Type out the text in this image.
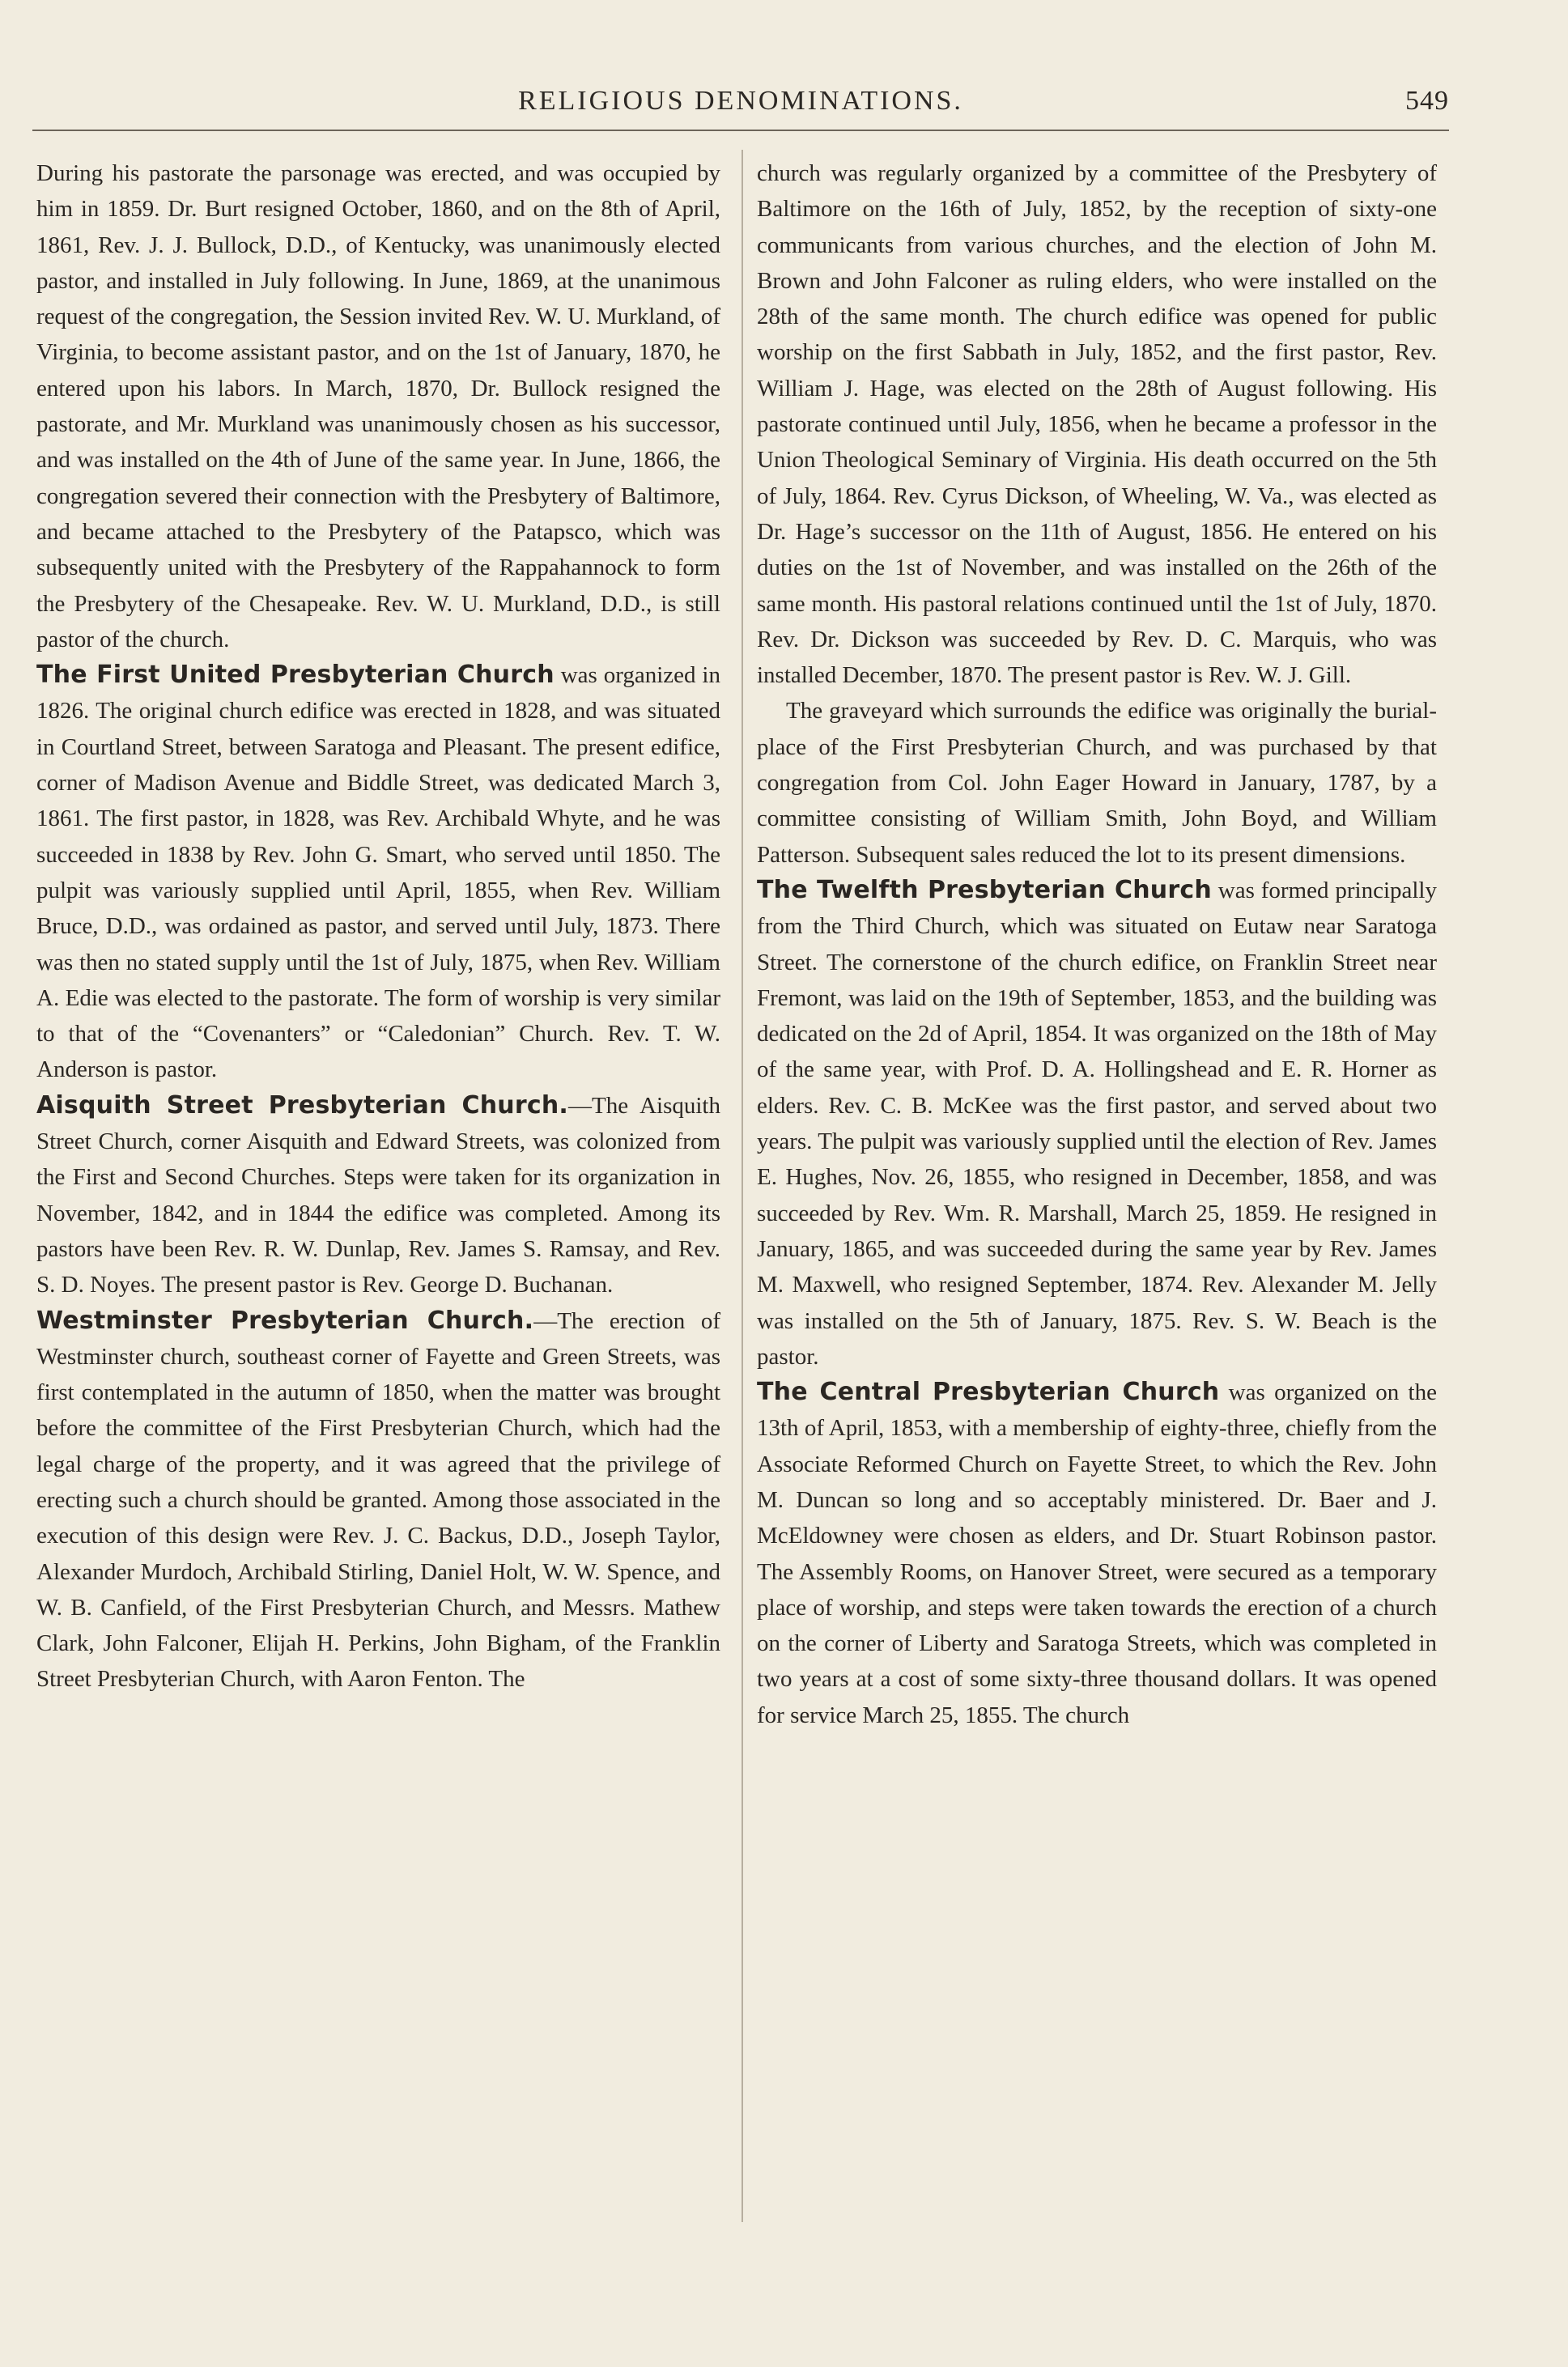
RELIGIOUS DENOMINATIONS.	549

During his pastorate the parsonage was erected, and was occupied by him in 1859. Dr. Burt resigned October, 1860, and on the 8th of April, 1861, Rev. J. J. Bullock, D.D., of Kentucky, was unanimously elected pastor, and installed in July following. In June, 1869, at the unanimous request of the congregation, the Session invited Rev. W. U. Murkland, of Virginia, to become assistant pastor, and on the 1st of January, 1870, he entered upon his labors. In March, 1870, Dr. Bullock resigned the pastorate, and Mr. Murkland was unanimously chosen as his successor, and was installed on the 4th of June of the same year. In June, 1866, the congregation severed their connection with the Presbytery of Baltimore, and became attached to the Presbytery of the Patapsco, which was subsequently united with the Presbytery of the Rappahannock to form the Presbytery of the Chesapeake. Rev. W. U. Murkland, D.D., is still pastor of the church.

The First United Presbyterian Church was organized in 1826. The original church edifice was erected in 1828, and was situated in Courtland Street, between Saratoga and Pleasant. The present edifice, corner of Madison Avenue and Biddle Street, was dedicated March 3, 1861. The first pastor, in 1828, was Rev. Archibald Whyte, and he was succeeded in 1838 by Rev. John G. Smart, who served until 1850. The pulpit was variously supplied until April, 1855, when Rev. William Bruce, D.D., was ordained as pastor, and served until July, 1873. There was then no stated supply until the 1st of July, 1875, when Rev. William A. Edie was elected to the pastorate. The form of worship is very similar to that of the “Covenanters” or “Caledonian” Church. Rev. T. W. Anderson is pastor.

Aisquith Street Presbyterian Church.—The Aisquith Street Church, corner Aisquith and Edward Streets, was colonized from the First and Second Churches. Steps were taken for its organization in November, 1842, and in 1844 the edifice was completed. Among its pastors have been Rev. R. W. Dunlap, Rev. James S. Ramsay, and Rev. S. D. Noyes. The present pastor is Rev. George D. Buchanan.

Westminster Presbyterian Church.—The erection of Westminster church, southeast corner of Fayette and Green Streets, was first contemplated in the autumn of 1850, when the matter was brought before the committee of the First Presbyterian Church, which had the legal charge of the property, and it was agreed that the privilege of erecting such a church should be granted. Among those associated in the execution of this design were Rev. J. C. Backus, D.D., Joseph Taylor, Alexander Murdoch, Archibald Stirling, Daniel Holt, W. W. Spence, and W. B. Canfield, of the First Presbyterian Church, and Messrs. Mathew Clark, John Falconer, Elijah H. Perkins, John Bigham, of the Franklin Street Presbyterian Church, with Aaron Fenton. The

church was regularly organized by a committee of the Presbytery of Baltimore on the 16th of July, 1852, by the reception of sixty-one communicants from various churches, and the election of John M. Brown and John Falconer as ruling elders, who were installed on the 28th of the same month. The church edifice was opened for public worship on the first Sabbath in July, 1852, and the first pastor, Rev. William J. Hage, was elected on the 28th of August following. His pastorate continued until July, 1856, when he became a professor in the Union Theological Seminary of Virginia. His death occurred on the 5th of July, 1864. Rev. Cyrus Dickson, of Wheeling, W. Va., was elected as Dr. Hage’s successor on the 11th of August, 1856. He entered on his duties on the 1st of November, and was installed on the 26th of the same month. His pastoral relations continued until the 1st of July, 1870. Rev. Dr. Dickson was succeeded by Rev. D. C. Marquis, who was installed December, 1870. The present pastor is Rev. W. J. Gill.

The graveyard which surrounds the edifice was originally the burial-place of the First Presbyterian Church, and was purchased by that congregation from Col. John Eager Howard in January, 1787, by a committee consisting of William Smith, John Boyd, and William Patterson. Subsequent sales reduced the lot to its present dimensions.

The Twelfth Presbyterian Church was formed principally from the Third Church, which was situated on Eutaw near Saratoga Street. The cornerstone of the church edifice, on Franklin Street near Fremont, was laid on the 19th of September, 1853, and the building was dedicated on the 2d of April, 1854. It was organized on the 18th of May of the same year, with Prof. D. A. Hollingshead and E. R. Horner as elders. Rev. C. B. McKee was the first pastor, and served about two years. The pulpit was variously supplied until the election of Rev. James E. Hughes, Nov. 26, 1855, who resigned in December, 1858, and was succeeded by Rev. Wm. R. Marshall, March 25, 1859. He resigned in January, 1865, and was succeeded during the same year by Rev. James M. Maxwell, who resigned September, 1874. Rev. Alexander M. Jelly was installed on the 5th of January, 1875. Rev. S. W. Beach is the pastor.

The Central Presbyterian Church was organized on the 13th of April, 1853, with a membership of eighty-three, chiefly from the Associate Reformed Church on Fayette Street, to which the Rev. John M. Duncan so long and so acceptably ministered. Dr. Baer and J. McEldowney were chosen as elders, and Dr. Stuart Robinson pastor. The Assembly Rooms, on Hanover Street, were secured as a temporary place of worship, and steps were taken towards the erection of a church on the corner of Liberty and Saratoga Streets, which was completed in two years at a cost of some sixty-three thousand dollars. It was opened for service March 25, 1855. The church
